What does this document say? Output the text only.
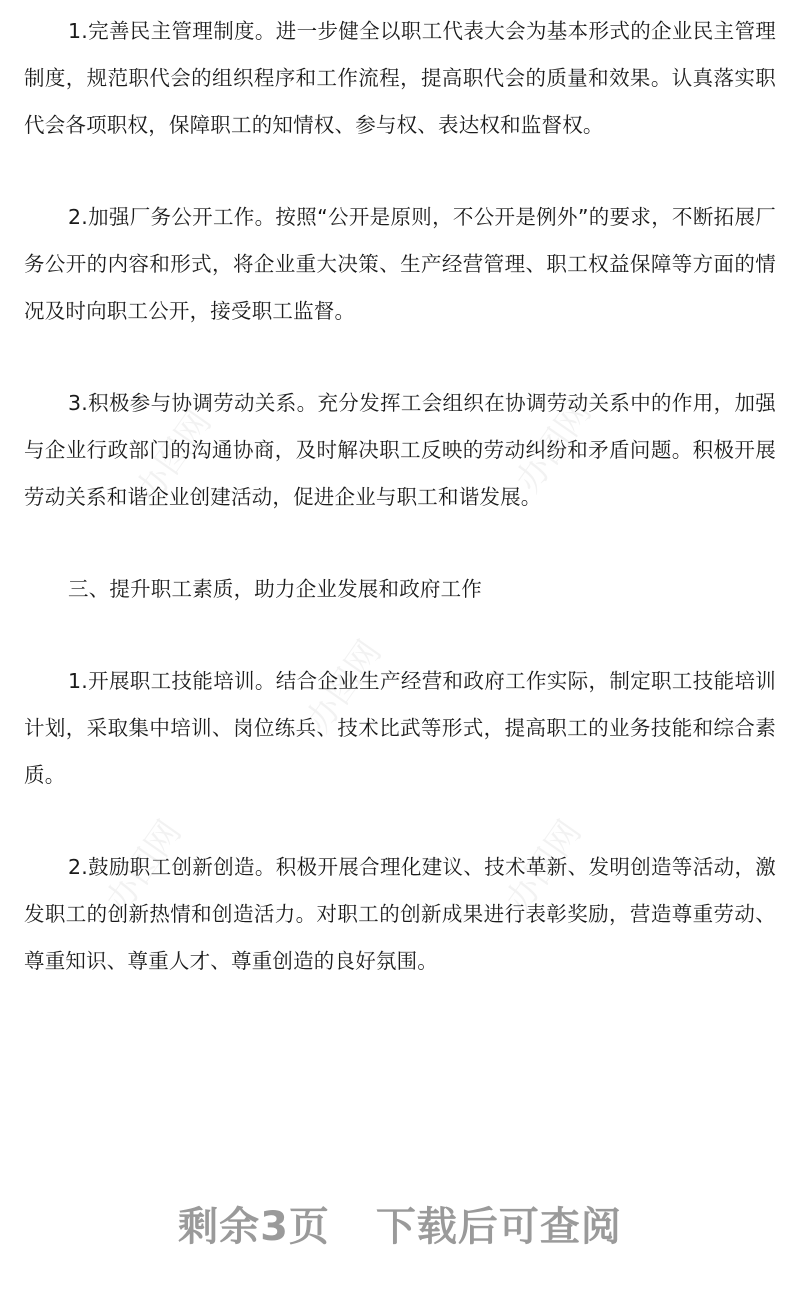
办图网	办图网
办图网
办图网	办图网

1.完善民主管理制度。进一步健全以职工代表大会为基本形式的企业民主管理制度，规范职代会的组织程序和工作流程，提高职代会的质量和效果。认真落实职代会各项职权，保障职工的知情权、参与权、表达权和监督权。

2.加强厂务公开工作。按照“公开是原则，不公开是例外”的要求，不断拓展厂务公开的内容和形式，将企业重大决策、生产经营管理、职工权益保障等方面的情况及时向职工公开，接受职工监督。

3.积极参与协调劳动关系。充分发挥工会组织在协调劳动关系中的作用，加强与企业行政部门的沟通协商，及时解决职工反映的劳动纠纷和矛盾问题。积极开展劳动关系和谐企业创建活动，促进企业与职工和谐发展。

三、提升职工素质，助力企业发展和政府工作

1.开展职工技能培训。结合企业生产经营和政府工作实际，制定职工技能培训计划，采取集中培训、岗位练兵、技术比武等形式，提高职工的业务技能和综合素质。

2.鼓励职工创新创造。积极开展合理化建议、技术革新、发明创造等活动，激发职工的创新热情和创造活力。对职工的创新成果进行表彰奖励，营造尊重劳动、尊重知识、尊重人才、尊重创造的良好氛围。

剩余3页 下载后可查阅
